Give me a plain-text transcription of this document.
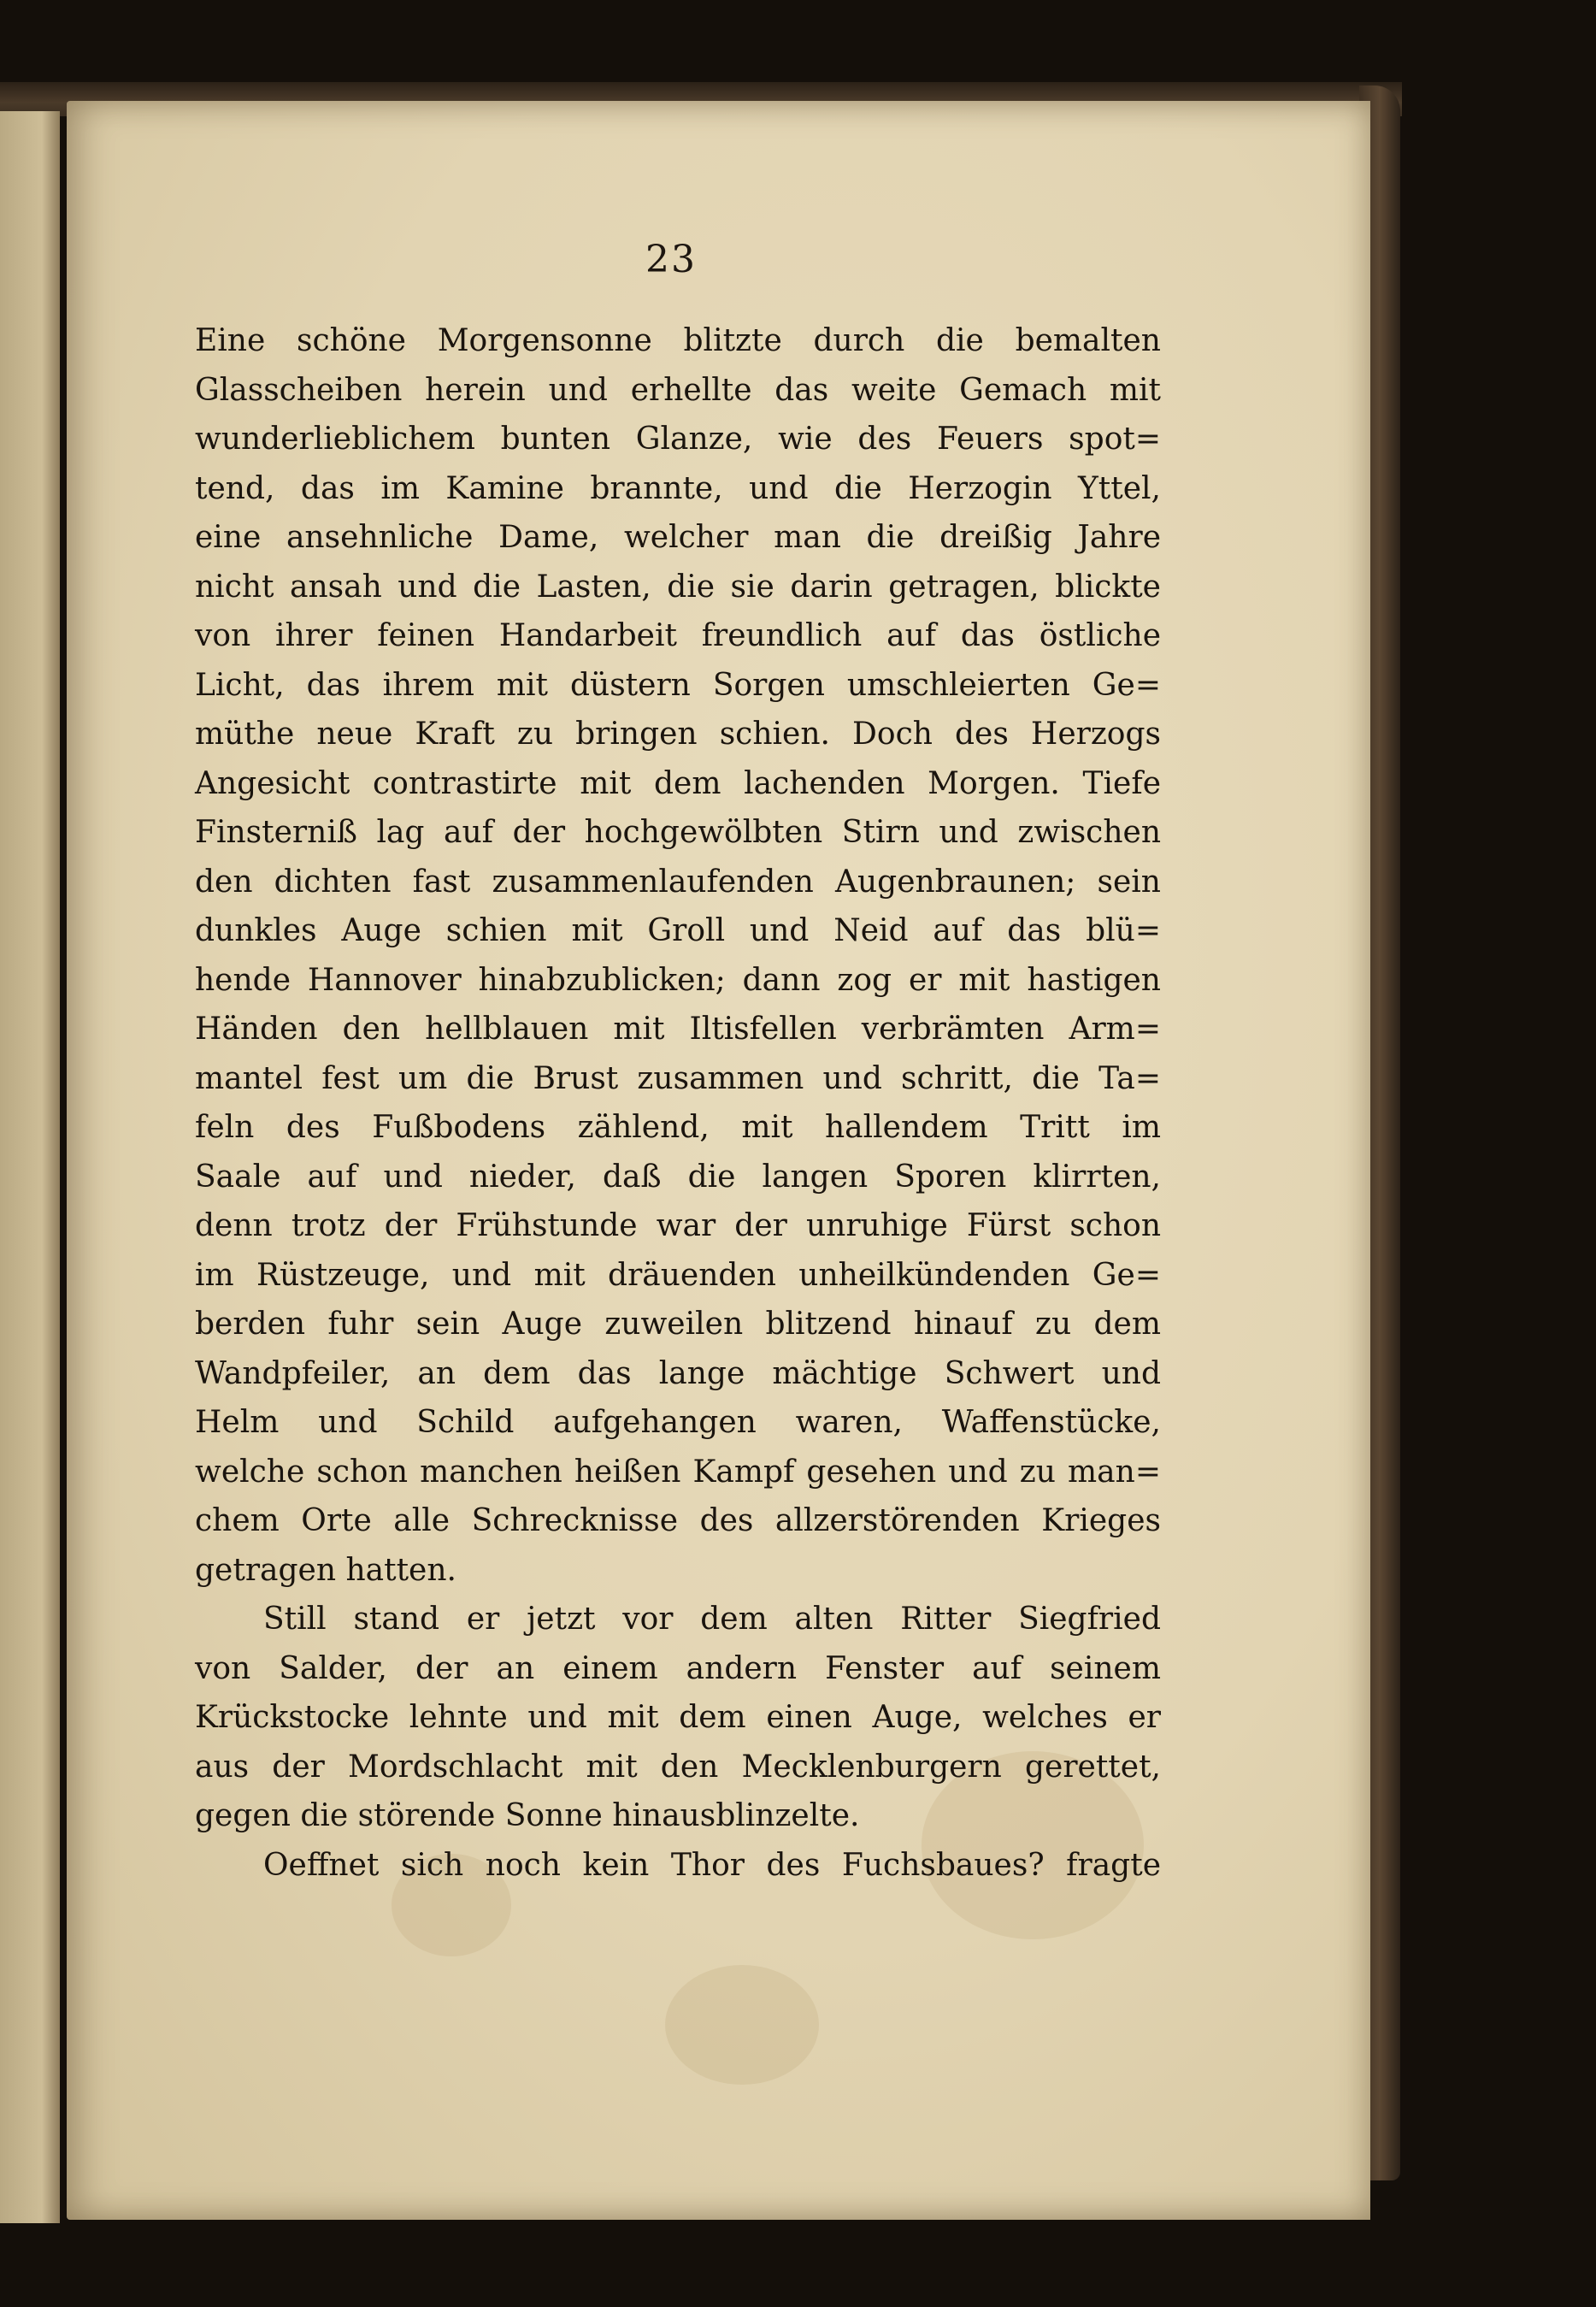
23
Eine schöne Morgensonne blitzte durch die bemalten
Glasscheiben herein und erhellte das weite Gemach mit
wunderlieblichem bunten Glanze, wie des Feuers spot=
tend, das im Kamine brannte, und die Herzogin Yttel,
eine ansehnliche Dame, welcher man die dreißig Jahre
nicht ansah und die Lasten, die sie darin getragen, blickte
von ihrer feinen Handarbeit freundlich auf das östliche
Licht, das ihrem mit düstern Sorgen umschleierten Ge=
müthe neue Kraft zu bringen schien. Doch des Herzogs
Angesicht contrastirte mit dem lachenden Morgen. Tiefe
Finsterniß lag auf der hochgewölbten Stirn und zwischen
den dichten fast zusammenlaufenden Augenbraunen; sein
dunkles Auge schien mit Groll und Neid auf das blü=
hende Hannover hinabzublicken; dann zog er mit hastigen
Händen den hellblauen mit Iltisfellen verbrämten Arm=
mantel fest um die Brust zusammen und schritt, die Ta=
feln des Fußbodens zählend, mit hallendem Tritt im
Saale auf und nieder, daß die langen Sporen klirrten,
denn trotz der Frühstunde war der unruhige Fürst schon
im Rüstzeuge, und mit dräuenden unheilkündenden Ge=
berden fuhr sein Auge zuweilen blitzend hinauf zu dem
Wandpfeiler, an dem das lange mächtige Schwert und
Helm und Schild aufgehangen waren, Waffenstücke,
welche schon manchen heißen Kampf gesehen und zu man=
chem Orte alle Schrecknisse des allzerstörenden Krieges
getragen hatten.
Still stand er jetzt vor dem alten Ritter Siegfried
von Salder, der an einem andern Fenster auf seinem
Krückstocke lehnte und mit dem einen Auge, welches er
aus der Mordschlacht mit den Mecklenburgern gerettet,
gegen die störende Sonne hinausblinzelte.
Oeffnet sich noch kein Thor des Fuchsbaues? fragte
